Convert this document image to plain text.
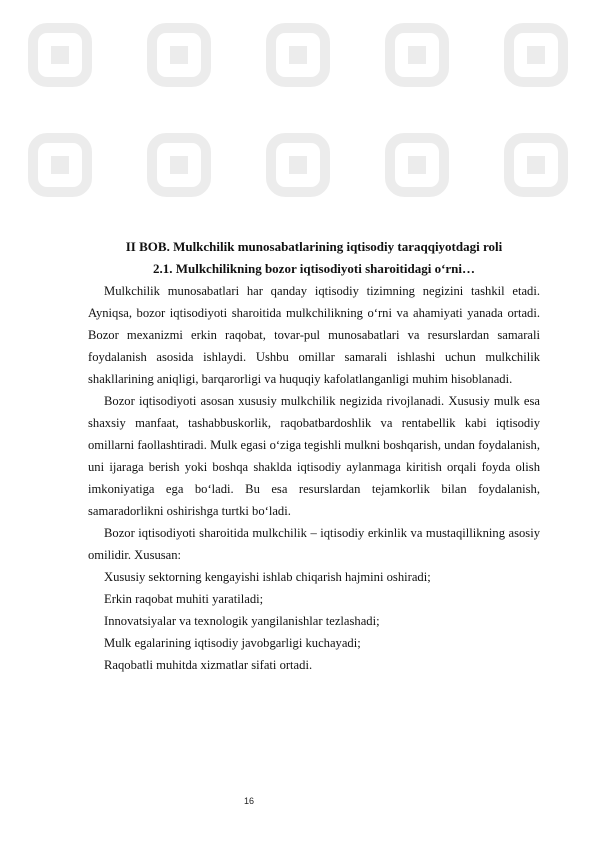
II BOB. Mulkchilik munosabatlarining iqtisodiy taraqqiyotdagi roli
2.1. Mulkchilikning bozor iqtisodiyoti sharoitidagi o‘rni…

Mulkchilik munosabatlari har qanday iqtisodiy tizimning negizini tashkil etadi. Ayniqsa, bozor iqtisodiyoti sharoitida mulkchilikning o‘rni va ahamiyati yanada ortadi. Bozor mexanizmi erkin raqobat, tovar-pul munosabatlari va resurslardan samarali foydalanish asosida ishlaydi. Ushbu omillar samarali ishlashi uchun mulkchilik shakllarining aniqligi, barqarorligi va huquqiy kafolatlanganligi muhim hisoblanadi.

Bozor iqtisodiyoti asosan xususiy mulkchilik negizida rivojlanadi. Xususiy mulk esa shaxsiy manfaat, tashabbuskorlik, raqobatbardoshlik va rentabellik kabi iqtisodiy omillarni faollashtiradi. Mulk egasi o‘ziga tegishli mulkni boshqarish, undan foydalanish, uni ijaraga berish yoki boshqa shaklda iqtisodiy aylanmaga kiritish orqali foyda olish imkoniyatiga ega bo‘ladi. Bu esa resurslardan tejamkorlik bilan foydalanish, samaradorlikni oshirishga turtki bo‘ladi.

Bozor iqtisodiyoti sharoitida mulkchilik – iqtisodiy erkinlik va mustaqillikning asosiy omilidir. Xususan:

Xususiy sektorning kengayishi ishlab chiqarish hajmini oshiradi;

Erkin raqobat muhiti yaratiladi;

Innovatsiyalar va texnologik yangilanishlar tezlashadi;

Mulk egalarining iqtisodiy javobgarligi kuchayadi;

Raqobatli muhitda xizmatlar sifati ortadi.

16
